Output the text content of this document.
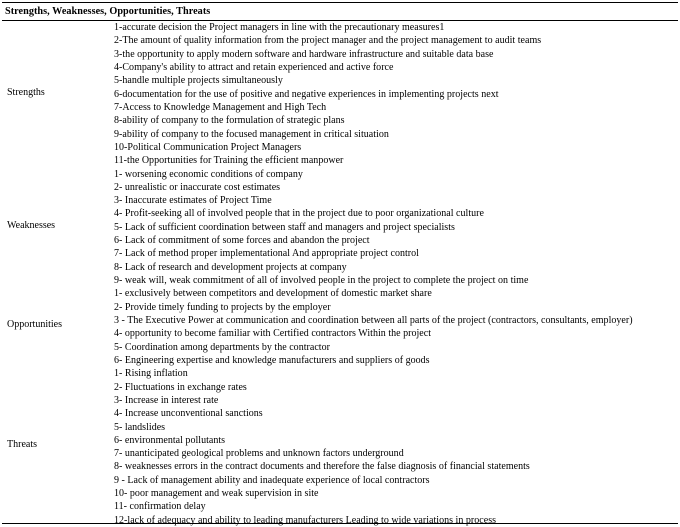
Strengths, Weaknesses, Opportunities, Threats
Strengths
1-accurate decision the Project managers in line with the precautionary measures1
2-The amount of quality information from the project manager and the project management to audit teams
3-the opportunity to apply modern software and hardware infrastructure and suitable data base
4-Company's ability to attract and retain experienced and active force
5-handle multiple projects simultaneously
6-documentation for the use of positive and negative experiences in implementing projects next
7-Access to Knowledge Management and High Tech
8-ability of company to the formulation of strategic plans
9-ability of company to the focused management in critical situation
10-Political Communication Project Managers
11-the Opportunities for Training the efficient manpower
Weaknesses
1- worsening economic conditions of company
2- unrealistic or inaccurate cost estimates
3- Inaccurate estimates of Project Time
4- Profit-seeking all of involved people that in the project due to poor organizational culture
5- Lack of sufficient coordination between staff and managers and project specialists
6- Lack of commitment of some forces and abandon the project
7- Lack of method proper implementational And appropriate project control
8- Lack of research and development projects at company
9- weak will, weak commitment of all of involved people in the project to complete the project on time
Opportunities
1- exclusively between competitors and development of domestic market share
2- Provide timely funding to projects by the employer
3 - The Executive Power at communication and coordination between all parts of the project (contractors, consultants, employer)
4- opportunity to become familiar with Certified contractors Within the project
5- Coordination among departments by the contractor
6- Engineering expertise and knowledge manufacturers and suppliers of goods
Threats
1- Rising inflation
2- Fluctuations in exchange rates
3- Increase in interest rate
4- Increase unconventional sanctions
5- landslides
6- environmental pollutants
7- unanticipated geological problems and unknown factors underground
8- weaknesses errors in the contract documents and therefore the false diagnosis of financial statements
9 - Lack of management ability and inadequate experience of local contractors
10- poor management and weak supervision in site
11- confirmation delay
12-lack of adequacy and ability to leading manufacturers Leading to wide variations in process
